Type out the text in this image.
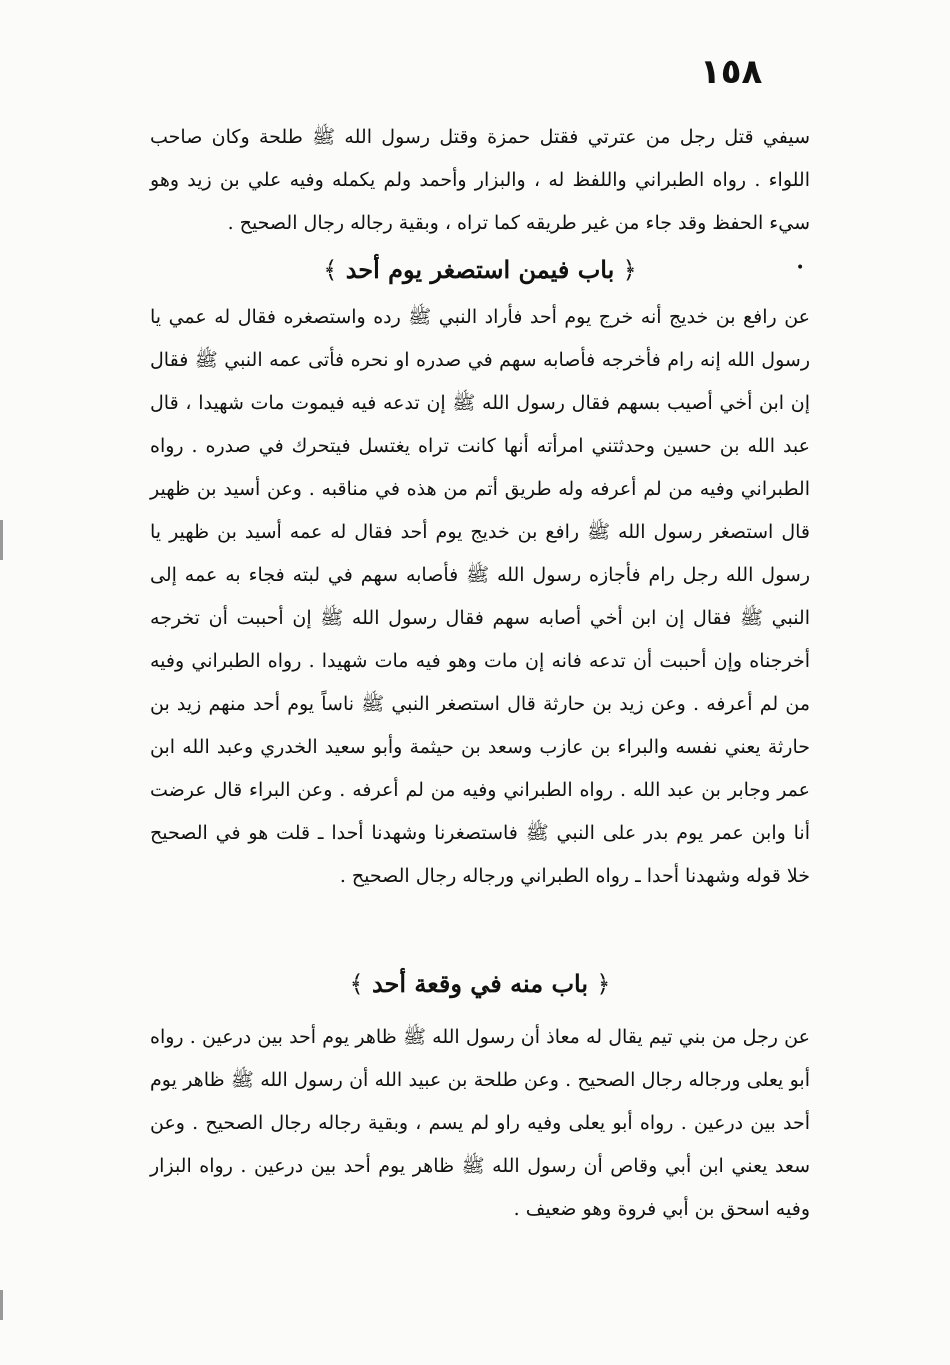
١٥٨

سيفي قتل رجل من عترتي فقتل حمزة وقتل رسول الله ﷺ طلحة وكان صاحب اللواء . رواه الطبراني واللفظ له ، والبزار وأحمد ولم يكمله وفيه علي بن زيد وهو سيء الحفظ وقد جاء من غير طريقه كما تراه ، وبقية رجاله رجال الصحيح .

﴿ باب فيمن استصغر يوم أحد ﴾	•

عن رافع بن خديج أنه خرج يوم أحد فأراد النبي ﷺ رده واستصغره فقال له عمي يا رسول الله إنه رام فأخرجه فأصابه سهم في صدره او نحره فأتى عمه النبي ﷺ فقال إن ابن أخي أصيب بسهم فقال رسول الله ﷺ إن تدعه فيه فيموت مات شهيدا ، قال عبد الله بن حسين وحدثتني امرأته أنها كانت تراه يغتسل فيتحرك في صدره . رواه الطبراني وفيه من لم أعرفه وله طريق أتم من هذه في مناقبه . وعن أسيد بن ظهير قال استصغر رسول الله ﷺ رافع بن خديج يوم أحد فقال له عمه أسيد بن ظهير يا رسول الله رجل رام فأجازه رسول الله ﷺ فأصابه سهم في لبته فجاء به عمه إلى النبي ﷺ فقال إن ابن أخي أصابه سهم فقال رسول الله ﷺ إن أحببت أن تخرجه أخرجناه وإن أحببت أن تدعه فانه إن مات وهو فيه مات شهيدا . رواه الطبراني وفيه من لم أعرفه . وعن زيد بن حارثة قال استصغر النبي ﷺ ناساً يوم أحد منهم زيد بن حارثة يعني نفسه والبراء بن عازب وسعد بن حيثمة وأبو سعيد الخدري وعبد الله ابن عمر وجابر بن عبد الله . رواه الطبراني وفيه من لم أعرفه . وعن البراء قال عرضت أنا وابن عمر يوم بدر على النبي ﷺ فاستصغرنا وشهدنا أحدا ـ قلت هو في الصحيح خلا قوله وشهدنا أحدا ـ رواه الطبراني ورجاله رجال الصحيح .

﴿ باب منه في وقعة أحد ﴾

عن رجل من بني تيم يقال له معاذ أن رسول الله ﷺ ظاهر يوم أحد بين درعين . رواه أبو يعلى ورجاله رجال الصحيح . وعن طلحة بن عبيد الله أن رسول الله ﷺ ظاهر يوم أحد بين درعين . رواه أبو يعلى وفيه راو لم يسم ، وبقية رجاله رجال الصحيح . وعن سعد يعني ابن أبي وقاص أن رسول الله ﷺ ظاهر يوم أحد بين درعين . رواه البزار وفيه اسحق بن أبي فروة وهو ضعيف .
